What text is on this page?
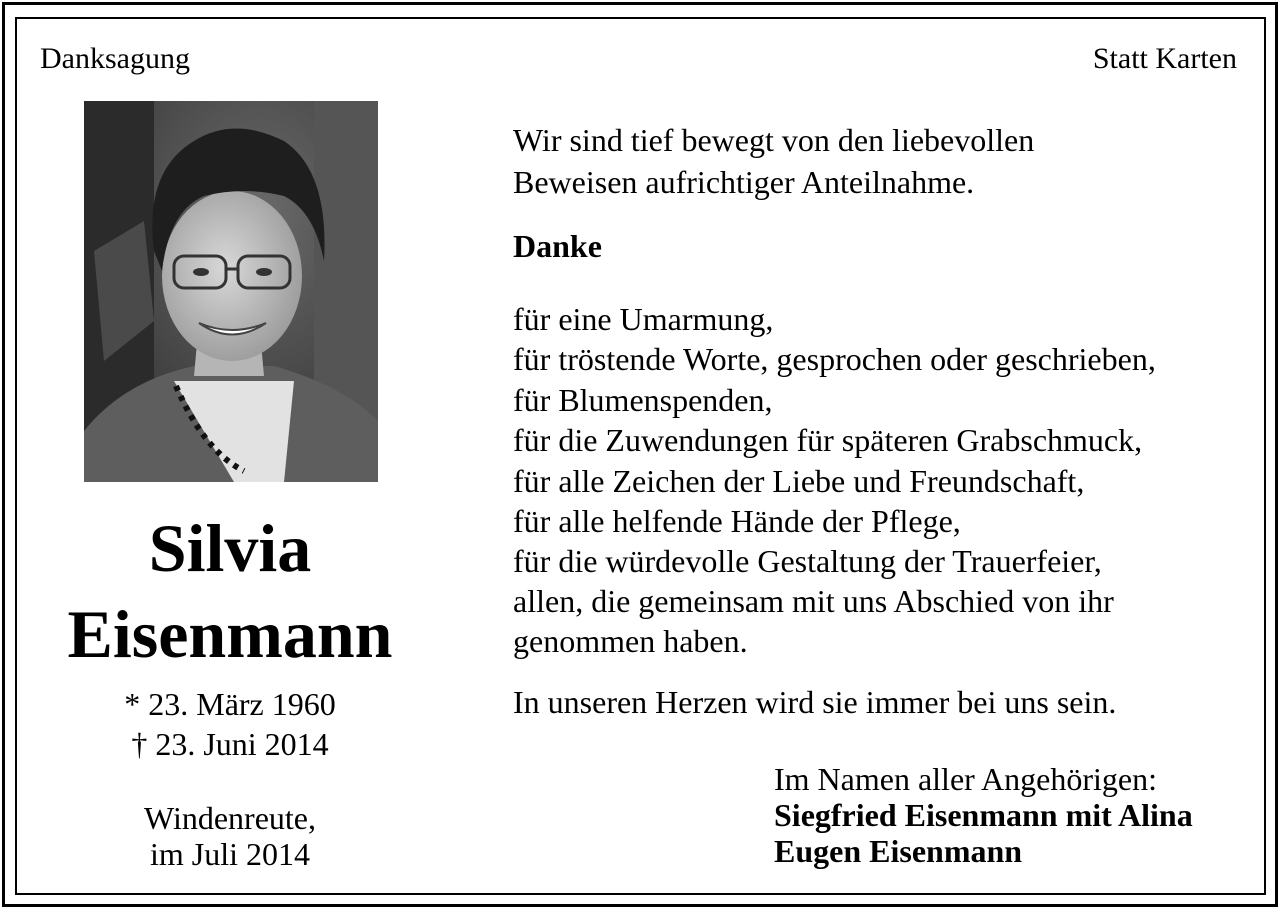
Danksagung	Statt Karten
Silvia
Eisenmann
* 23. März 1960
† 23. Juni 2014
Windenreute,
im Juli 2014
Wir sind tief bewegt von den liebevollen
Beweisen aufrichtiger Anteilnahme.
Danke
für eine Umarmung,
für tröstende Worte, gesprochen oder geschrieben,
für Blumenspenden,
für die Zuwendungen für späteren Grabschmuck,
für alle Zeichen der Liebe und Freundschaft,
für alle helfende Hände der Pflege,
für die würdevolle Gestaltung der Trauerfeier,
allen, die gemeinsam mit uns Abschied von ihr
genommen haben.
In unseren Herzen wird sie immer bei uns sein.
Im Namen aller Angehörigen:
Siegfried Eisenmann mit Alina
Eugen Eisenmann
